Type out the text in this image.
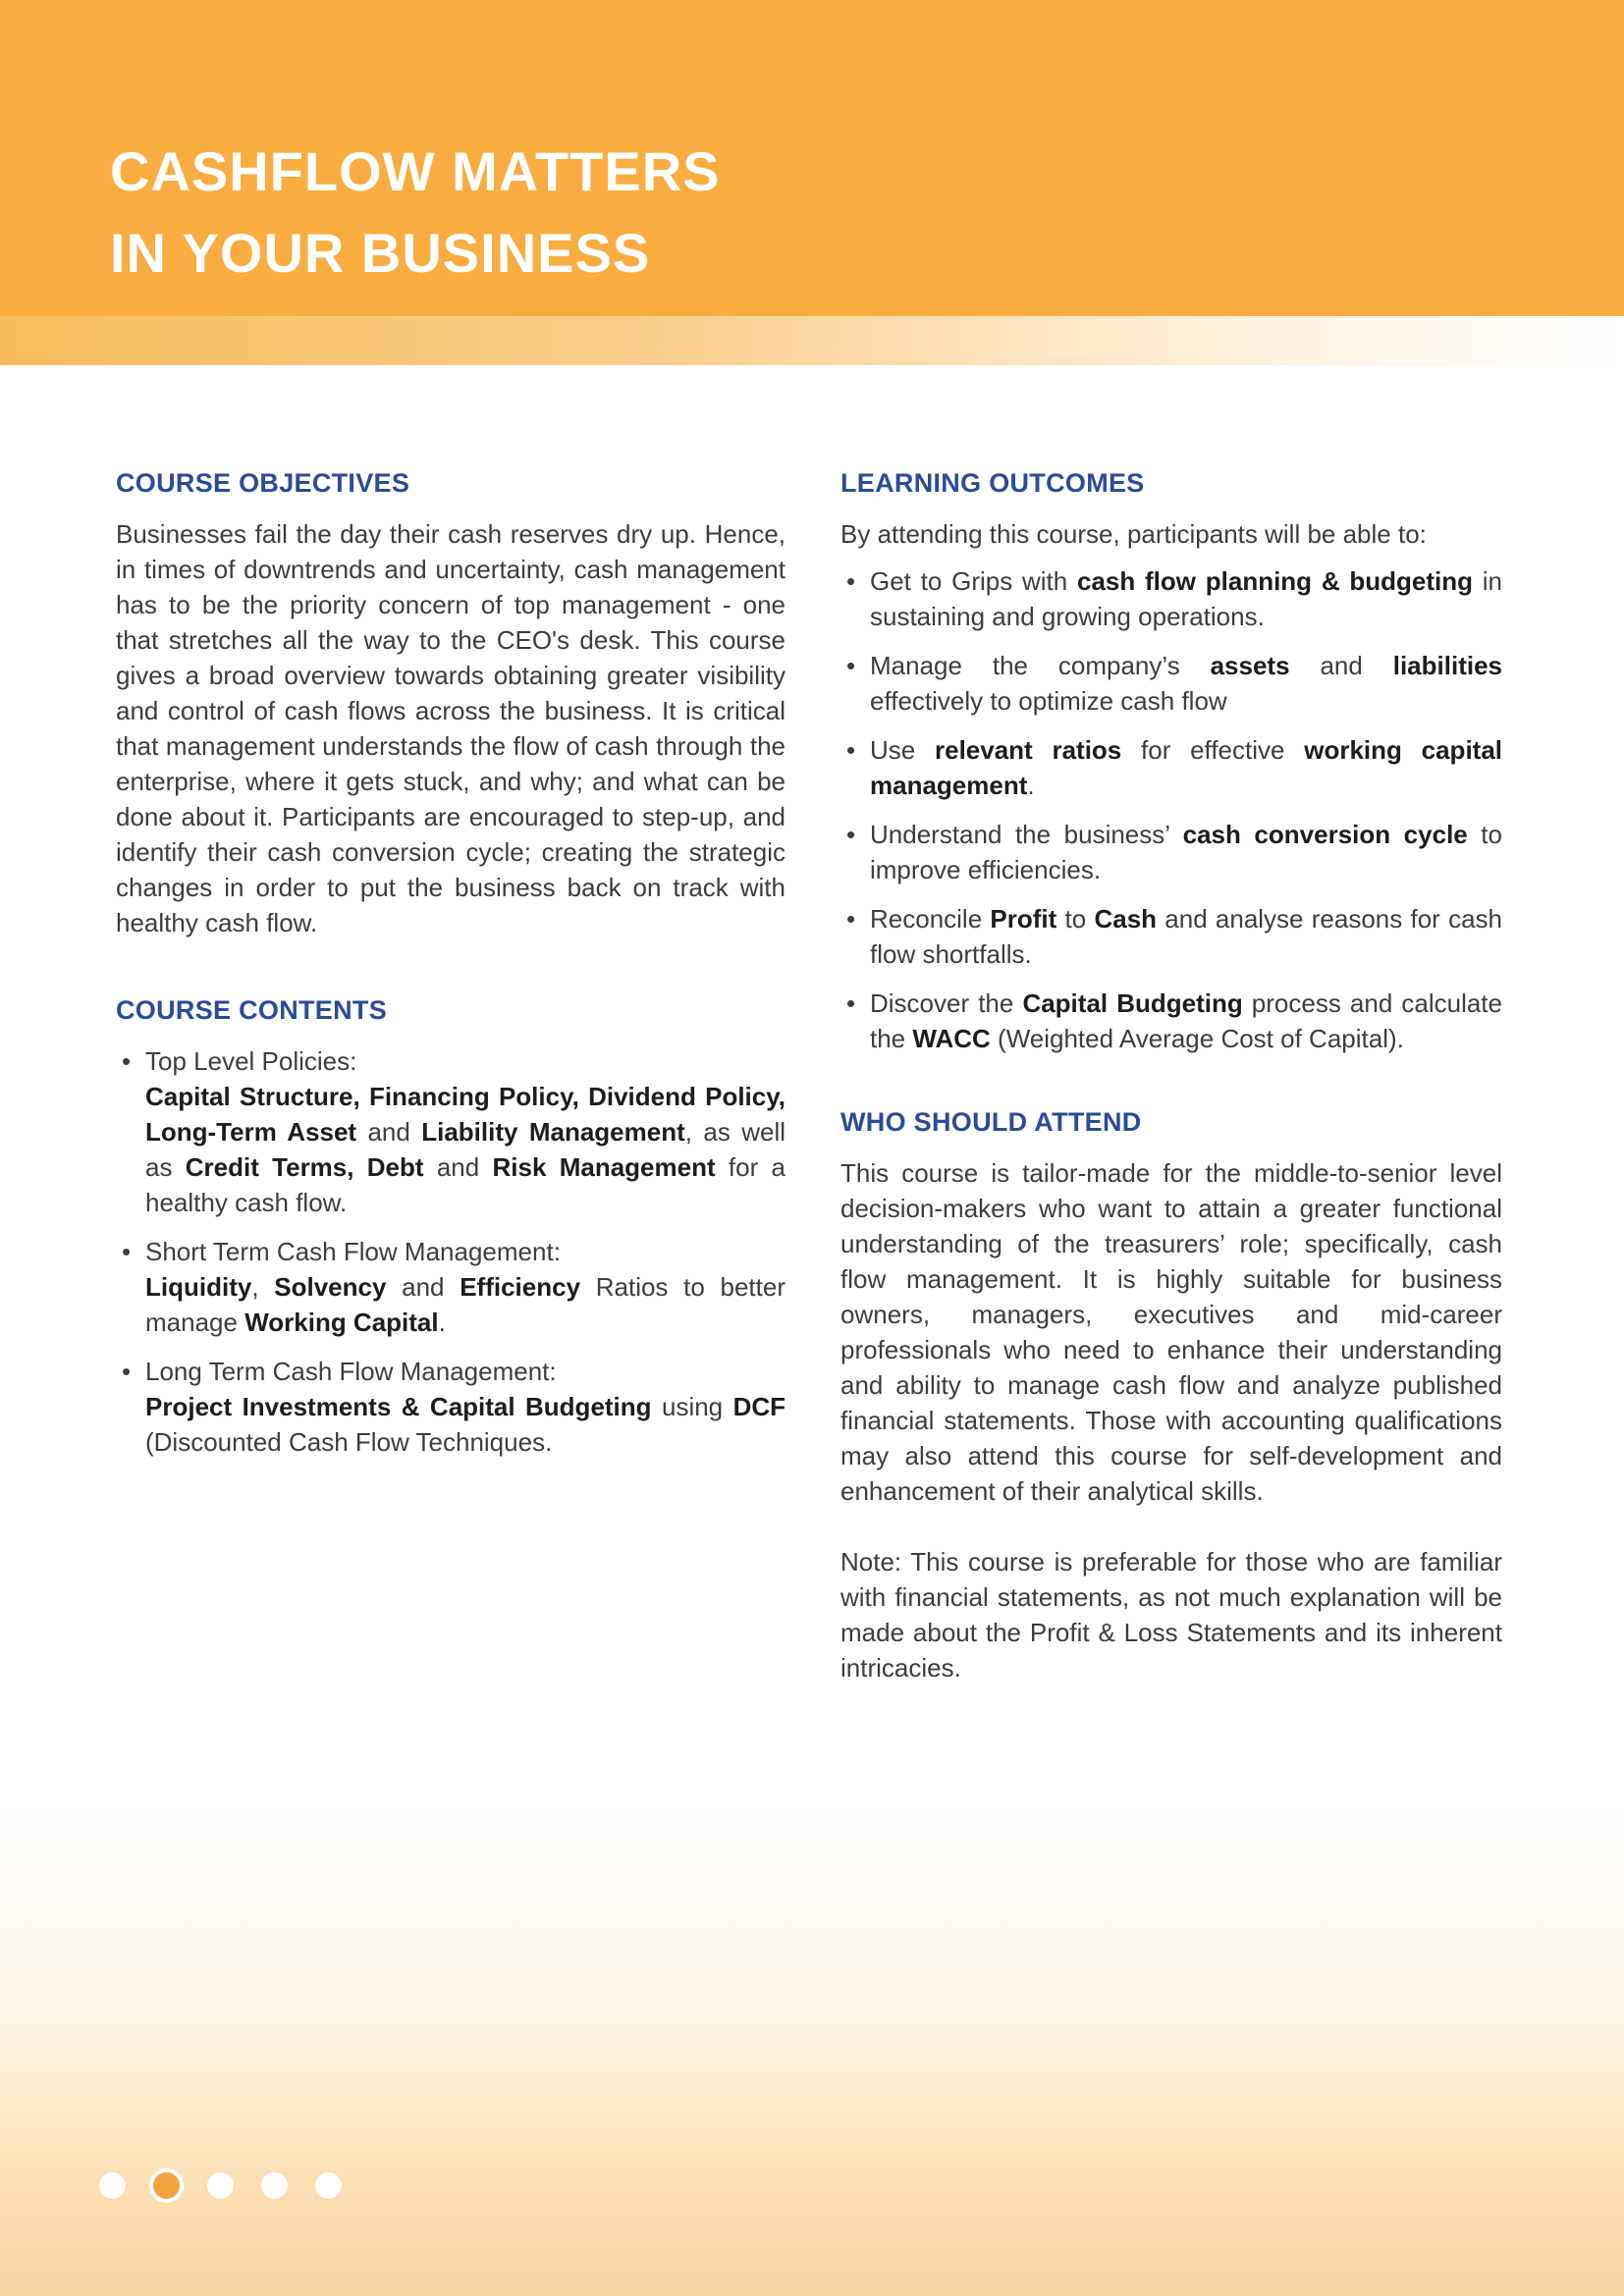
CASHFLOW MATTERS
IN YOUR BUSINESS
COURSE OBJECTIVES

Businesses fail the day their cash reserves dry up. Hence, in times of downtrends and uncertainty, cash management has to be the priority concern of top management - one that stretches all the way to the CEO's desk. This course gives a broad overview towards obtaining greater visibility and control of cash flows across the business. It is critical that management understands the flow of cash through the enterprise, where it gets stuck, and why; and what can be done about it. Participants are encouraged to step-up, and identify their cash conversion cycle; creating the strategic changes in order to put the business back on track with healthy cash flow.

COURSE CONTENTS
• Top Level Policies:
Capital Structure, Financing Policy, Dividend Policy, Long-Term Asset and Liability Management, as well as Credit Terms, Debt and Risk Management for a healthy cash flow.
• Short Term Cash Flow Management:
Liquidity, Solvency and Efficiency Ratios to better manage Working Capital.
• Long Term Cash Flow Management:
Project Investments & Capital Budgeting using DCF (Discounted Cash Flow Techniques.
LEARNING OUTCOMES

By attending this course, participants will be able to:

• Get to Grips with cash flow planning & budgeting in sustaining and growing operations.
• Manage the company’s assets and liabilities effectively to optimize cash flow
• Use relevant ratios for effective working capital management.
• Understand the business’ cash conversion cycle to improve efficiencies.
• Reconcile Profit to Cash and analyse reasons for cash flow shortfalls.
• Discover the Capital Budgeting process and calculate the WACC (Weighted Average Cost of Capital).
WHO SHOULD ATTEND

This course is tailor-made for the middle-to-senior level decision-makers who want to attain a greater functional understanding of the treasurers’ role; specifically, cash flow management. It is highly suitable for business owners, managers, executives and mid-career professionals who need to enhance their understanding and ability to manage cash flow and analyze published financial statements. Those with accounting qualifications may also attend this course for self-development and enhancement of their analytical skills.

Note: This course is preferable for those who are familiar with financial statements, as not much explanation will be made about the Profit & Loss Statements and its inherent intricacies.
